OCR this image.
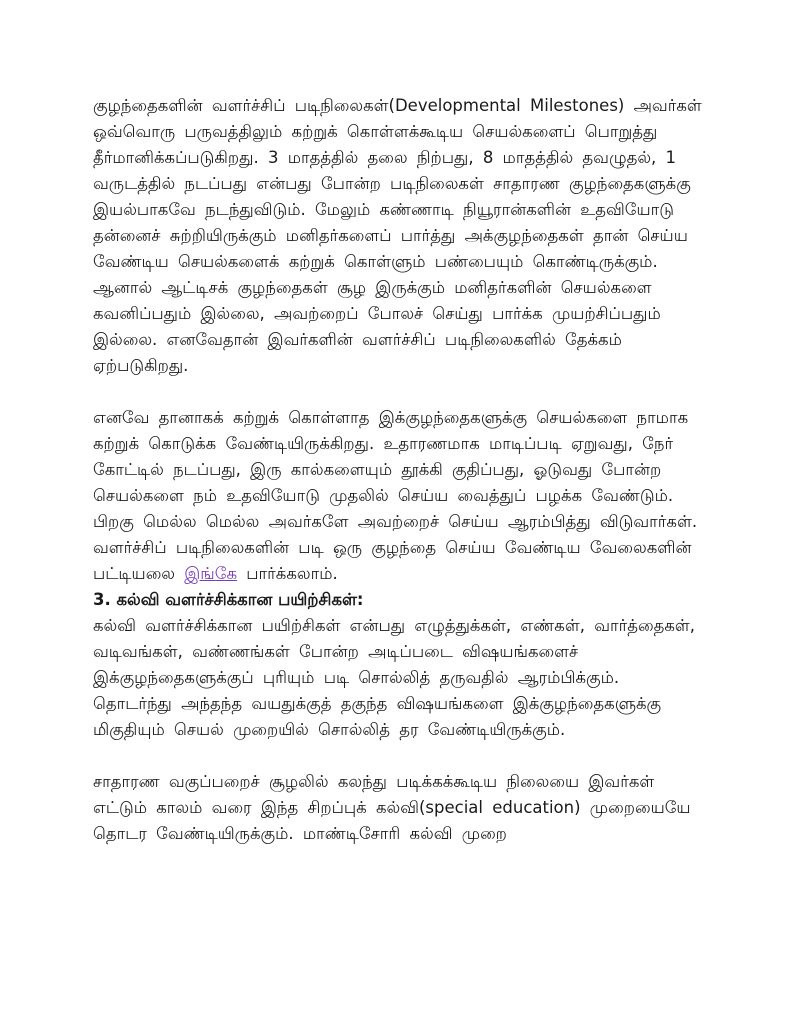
குழந்தைகளின் வளர்ச்சிப் படிநிலைகள்(Developmental Milestones) அவர்கள் ஒவ்வொரு பருவத்திலும் கற்றுக் கொள்ளக்கூடிய செயல்களைப் பொறுத்து தீர்மானிக்கப்படுகிறது. 3 மாதத்தில் தலை நிற்பது, 8 மாதத்தில் தவழுதல், 1 வருடத்தில் நடப்பது என்பது போன்ற படிநிலைகள் சாதாரண குழந்தைகளுக்கு இயல்பாகவே நடந்துவிடும். மேலும் கண்ணாடி நியூரான்களின் உதவியோடு தன்னைச் சுற்றியிருக்கும் மனிதர்களைப் பார்த்து அக்குழந்தைகள் தான் செய்ய வேண்டிய செயல்களைக் கற்றுக் கொள்ளும் பண்பையும் கொண்டிருக்கும். ஆனால் ஆட்டிசக் குழந்தைகள் சூழ இருக்கும் மனிதர்களின் செயல்களை கவனிப்பதும் இல்லை, அவற்றைப் போலச் செய்து பார்க்க முயற்சிப்பதும் இல்லை. எனவேதான் இவர்களின் வளர்ச்சிப் படிநிலைகளில் தேக்கம் ஏற்படுகிறது.

எனவே தானாகக் கற்றுக் கொள்ளாத இக்குழந்தைகளுக்கு செயல்களை நாமாக கற்றுக் கொடுக்க வேண்டியிருக்கிறது. உதாரணமாக மாடிப்படி ஏறுவது, நேர் கோட்டில் நடப்பது, இரு கால்களையும் தூக்கி குதிப்பது, ஓடுவது போன்ற செயல்களை நம் உதவியோடு முதலில் செய்ய வைத்துப் பழக்க வேண்டும். பிறகு மெல்ல மெல்ல அவர்களே அவற்றைச் செய்ய ஆரம்பித்து விடுவார்கள்.

வளர்ச்சிப் படிநிலைகளின் படி ஒரு குழந்தை செய்ய வேண்டிய வேலைகளின் பட்டியலை இங்கே பார்க்கலாம்.

3. கல்வி வளர்ச்சிக்கான பயிற்சிகள்:

கல்வி வளர்ச்சிக்கான பயிற்சிகள் என்பது எழுத்துக்கள், எண்கள், வார்த்தைகள், வடிவங்கள், வண்ணங்கள் போன்ற அடிப்படை விஷயங்களைச் இக்குழந்தைகளுக்குப் புரியும் படி சொல்லித் தருவதில் ஆரம்பிக்கும். தொடர்ந்து அந்தந்த வயதுக்குத் தகுந்த விஷயங்களை இக்குழந்தைகளுக்கு மிகுதியும் செயல் முறையில் சொல்லித் தர வேண்டியிருக்கும்.

சாதாரண வகுப்பறைச் சூழலில் கலந்து படிக்கக்கூடிய நிலையை இவர்கள் எட்டும் காலம் வரை இந்த சிறப்புக் கல்வி(special education) முறையையே தொடர வேண்டியிருக்கும். மாண்டிசோரி கல்வி முறை
